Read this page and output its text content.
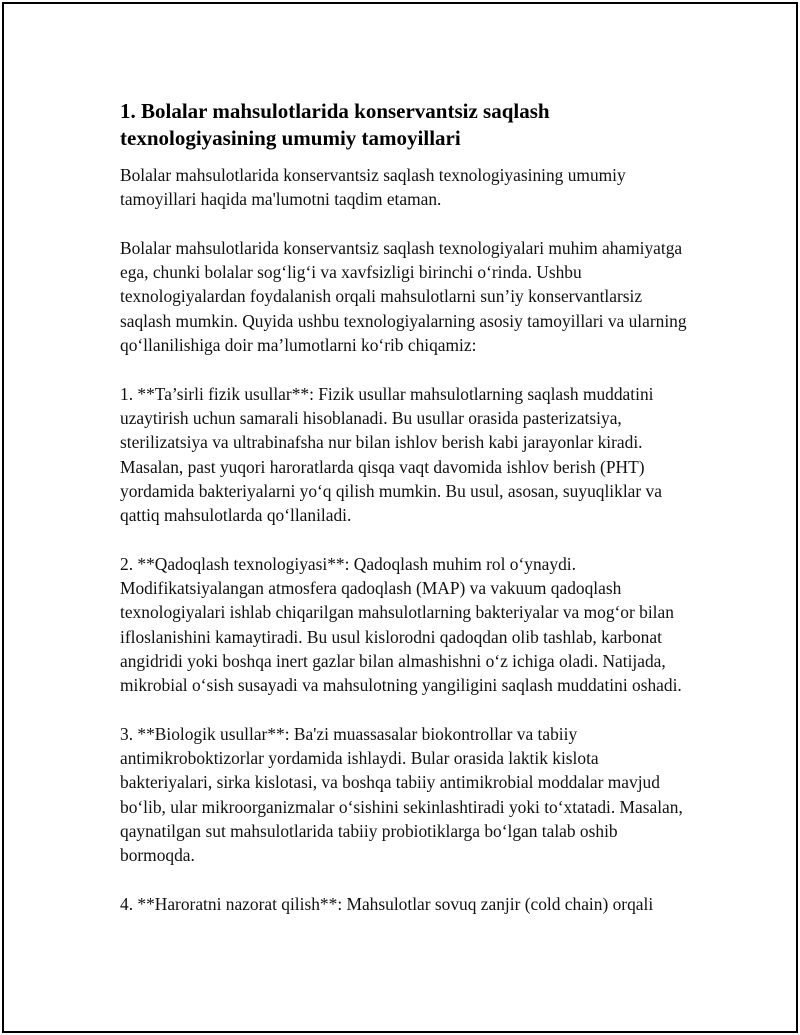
1. Bolalar mahsulotlarida konservantsiz saqlash texnologiyasining umumiy tamoyillari

Bolalar mahsulotlarida konservantsiz saqlash texnologiyasining umumiy tamoyillari haqida ma'lumotni taqdim etaman.

Bolalar mahsulotlarida konservantsiz saqlash texnologiyalari muhim ahamiyatga ega, chunki bolalar sog‘lig‘i va xavfsizligi birinchi o‘rinda. Ushbu texnologiyalardan foydalanish orqali mahsulotlarni sun’iy konservantlarsiz saqlash mumkin. Quyida ushbu texnologiyalarning asosiy tamoyillari va ularning qo‘llanilishiga doir ma’lumotlarni ko‘rib chiqamiz:

1. **Ta’sirli fizik usullar**: Fizik usullar mahsulotlarning saqlash muddatini uzaytirish uchun samarali hisoblanadi. Bu usullar orasida pasterizatsiya, sterilizatsiya va ultrabinafsha nur bilan ishlov berish kabi jarayonlar kiradi. Masalan, past yuqori haroratlarda qisqa vaqt davomida ishlov berish (PHT) yordamida bakteriyalarni yo‘q qilish mumkin. Bu usul, asosan, suyuqliklar va qattiq mahsulotlarda qo‘llaniladi.

2. **Qadoqlash texnologiyasi**: Qadoqlash muhim rol o‘ynaydi. Modifikatsiyalangan atmosfera qadoqlash (MAP) va vakuum qadoqlash texnologiyalari ishlab chiqarilgan mahsulotlarning bakteriyalar va mog‘or bilan ifloslanishini kamaytiradi. Bu usul kislorodni qadoqdan olib tashlab, karbonat angidridi yoki boshqa inert gazlar bilan almashishni o‘z ichiga oladi. Natijada, mikrobial o‘sish susayadi va mahsulotning yangiligini saqlash muddatini oshadi.

3. **Biologik usullar**: Ba'zi muassasalar biokontrollar va tabiiy antimikroboktizorlar yordamida ishlaydi. Bular orasida laktik kislota bakteriyalari, sirka kislotasi, va boshqa tabiiy antimikrobial moddalar mavjud bo‘lib, ular mikroorganizmalar o‘sishini sekinlashtiradi yoki to‘xtatadi. Masalan, qaynatilgan sut mahsulotlarida tabiiy probiotiklarga bo‘lgan talab oshib bormoqda.

4. **Haroratni nazorat qilish**: Mahsulotlar sovuq zanjir (cold chain) orqali
